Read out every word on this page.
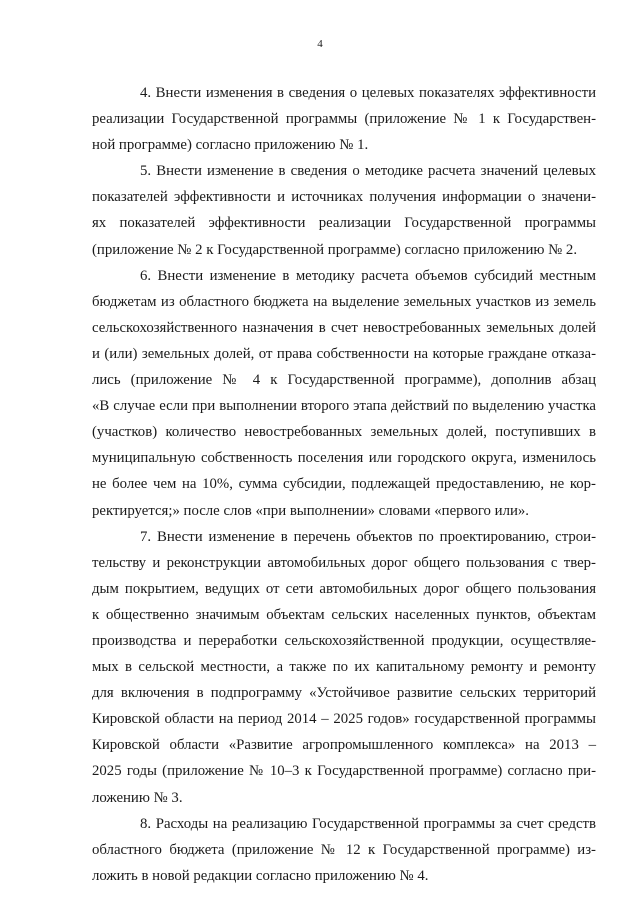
4
4. Внести изменения в сведения о целевых показателях эффективности
реализации Государственной программы (приложение № 1 к Государствен-
ной программе) согласно приложению № 1.
5. Внести изменение в сведения о методике расчета значений целевых
показателей эффективности и источниках получения информации о значени-
ях показателей эффективности реализации Государственной программы
(приложение № 2 к Государственной программе) согласно приложению № 2.
6. Внести изменение в методику расчета объемов субсидий местным
бюджетам из областного бюджета на выделение земельных участков из земель
сельскохозяйственного назначения в счет невостребованных земельных долей
и (или) земельных долей, от права собственности на которые граждане отказа-
лись (приложение № 4 к Государственной программе), дополнив абзац
«В случае если при выполнении второго этапа действий по выделению участка
(участков) количество невостребованных земельных долей, поступивших в
муниципальную собственность поселения или городского округа, изменилось
не более чем на 10%, сумма субсидии, подлежащей предоставлению, не кор-
ректируется;» после слов «при выполнении» словами «первого или».
7. Внести изменение в перечень объектов по проектированию, строи-
тельству и реконструкции автомобильных дорог общего пользования с твер-
дым покрытием, ведущих от сети автомобильных дорог общего пользования
к общественно значимым объектам сельских населенных пунктов, объектам
производства и переработки сельскохозяйственной продукции, осуществляе-
мых в сельской местности, а также по их капитальному ремонту и ремонту
для включения в подпрограмму «Устойчивое развитие сельских территорий
Кировской области на период 2014 – 2025 годов» государственной программы
Кировской области «Развитие агропромышленного комплекса» на 2013 –
2025 годы (приложение № 10–3 к Государственной программе) согласно при-
ложению № 3.
8. Расходы на реализацию Государственной программы за счет средств
областного бюджета (приложение № 12 к Государственной программе) из-
ложить в новой редакции согласно приложению № 4.
